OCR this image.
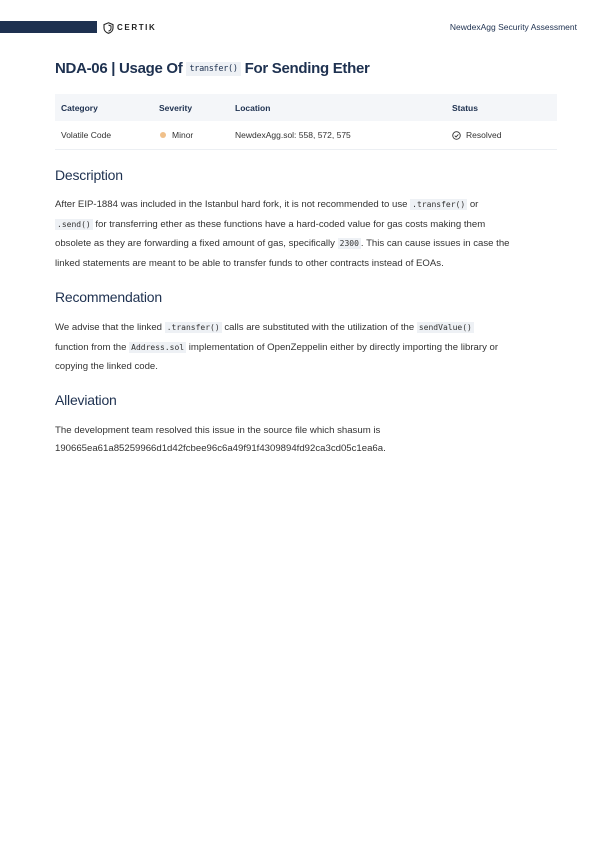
CERTIK	NewdexAgg Security Assessment
NDA-06 | Usage Of transfer() For Sending Ether
Category	Severity	Location	Status
Volatile Code	Minor	NewdexAgg.sol: 558, 572, 575	Resolved
Description
After EIP-1884 was included in the Istanbul hard fork, it is not recommended to use .transfer() or
.send() for transferring ether as these functions have a hard-coded value for gas costs making them
obsolete as they are forwarding a fixed amount of gas, specifically 2300 . This can cause issues in case the
linked statements are meant to be able to transfer funds to other contracts instead of EOAs.
Recommendation
We advise that the linked .transfer() calls are substituted with the utilization of the sendValue()
function from the Address.sol implementation of OpenZeppelin either by directly importing the library or
copying the linked code.
Alleviation
The development team resolved this issue in the source file which shasum is
190665ea61a85259966d1d42fcbee96c6a49f91f4309894fd92ca3cd05c1ea6a.
